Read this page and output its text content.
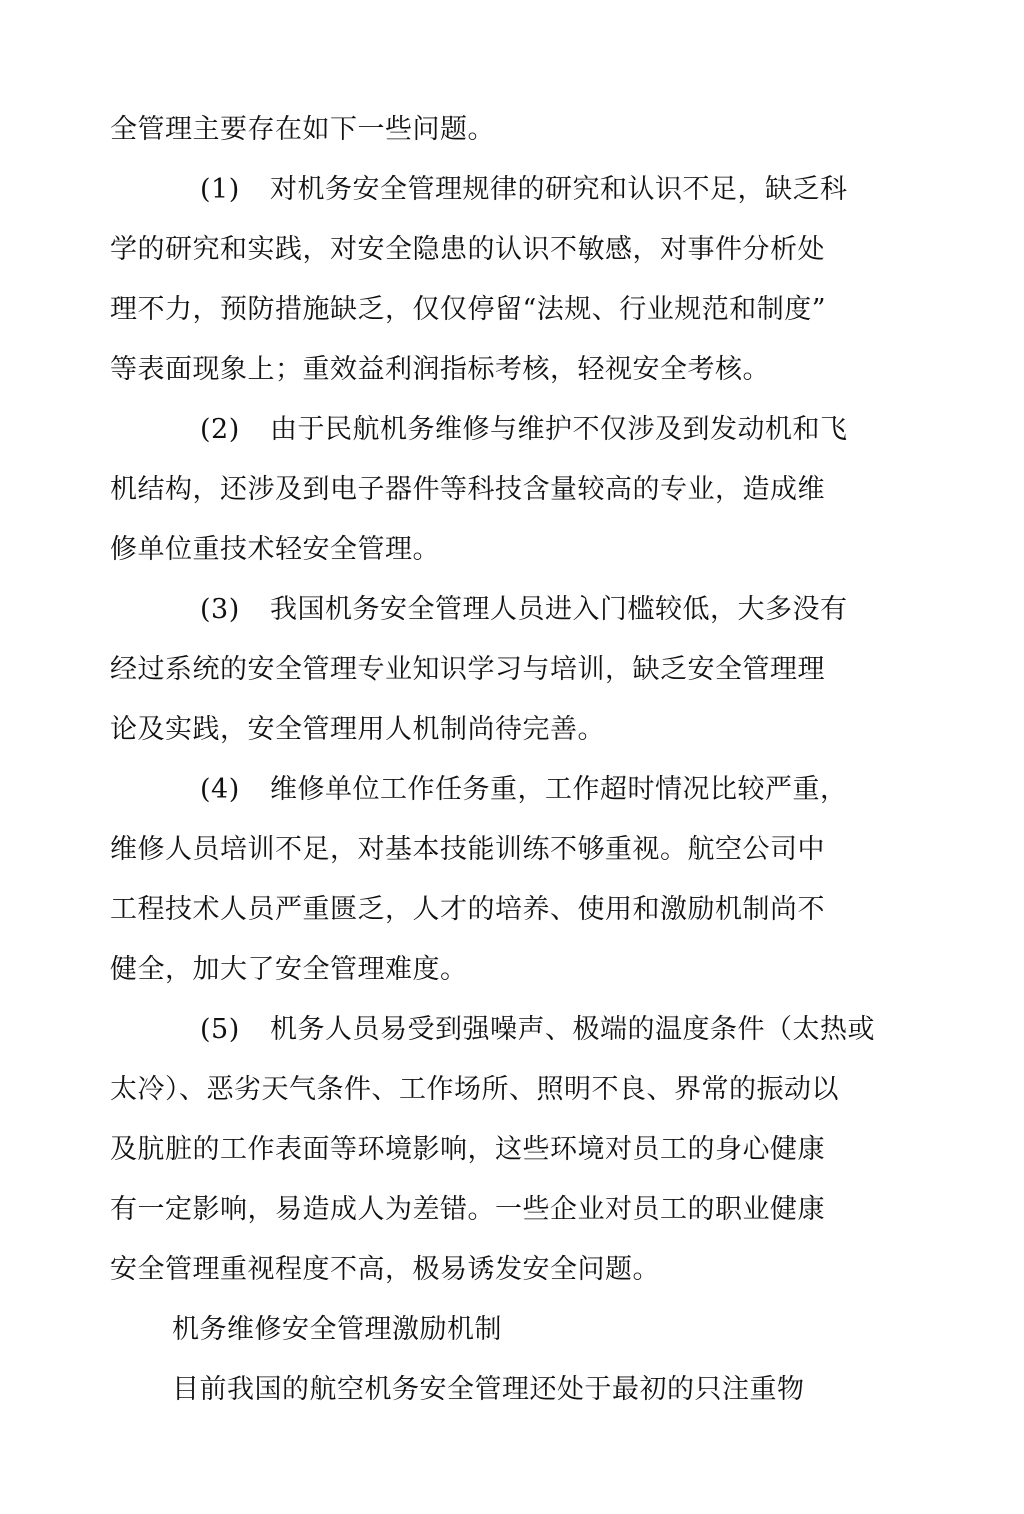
全管理主要存在如下一些问题。
(1) 对机务安全管理规律的研究和认识不足，缺乏科
学的研究和实践，对安全隐患的认识不敏感，对事件分析处
理不力，预防措施缺乏，仅仅停留“法规、行业规范和制度”
等表面现象上；重效益利润指标考核，轻视安全考核。
(2) 由于民航机务维修与维护不仅涉及到发动机和飞
机结构，还涉及到电子器件等科技含量较高的专业，造成维
修单位重技术轻安全管理。
(3) 我国机务安全管理人员进入门槛较低，大多没有
经过系统的安全管理专业知识学习与培训，缺乏安全管理理
论及实践，安全管理用人机制尚待完善。
(4) 维修单位工作任务重，工作超时情况比较严重，
维修人员培训不足，对基本技能训练不够重视。航空公司中
工程技术人员严重匮乏，人才的培养、使用和激励机制尚不
健全，加大了安全管理难度。
(5) 机务人员易受到强噪声、极端的温度条件（太热或
太冷）、恶劣天气条件、工作场所、照明不良、界常的振动以
及肮脏的工作表面等环境影响，这些环境对员工的身心健康
有一定影响，易造成人为差错。一些企业对员工的职业健康
安全管理重视程度不高，极易诱发安全问题。
机务维修安全管理激励机制
目前我国的航空机务安全管理还处于最初的只注重物
